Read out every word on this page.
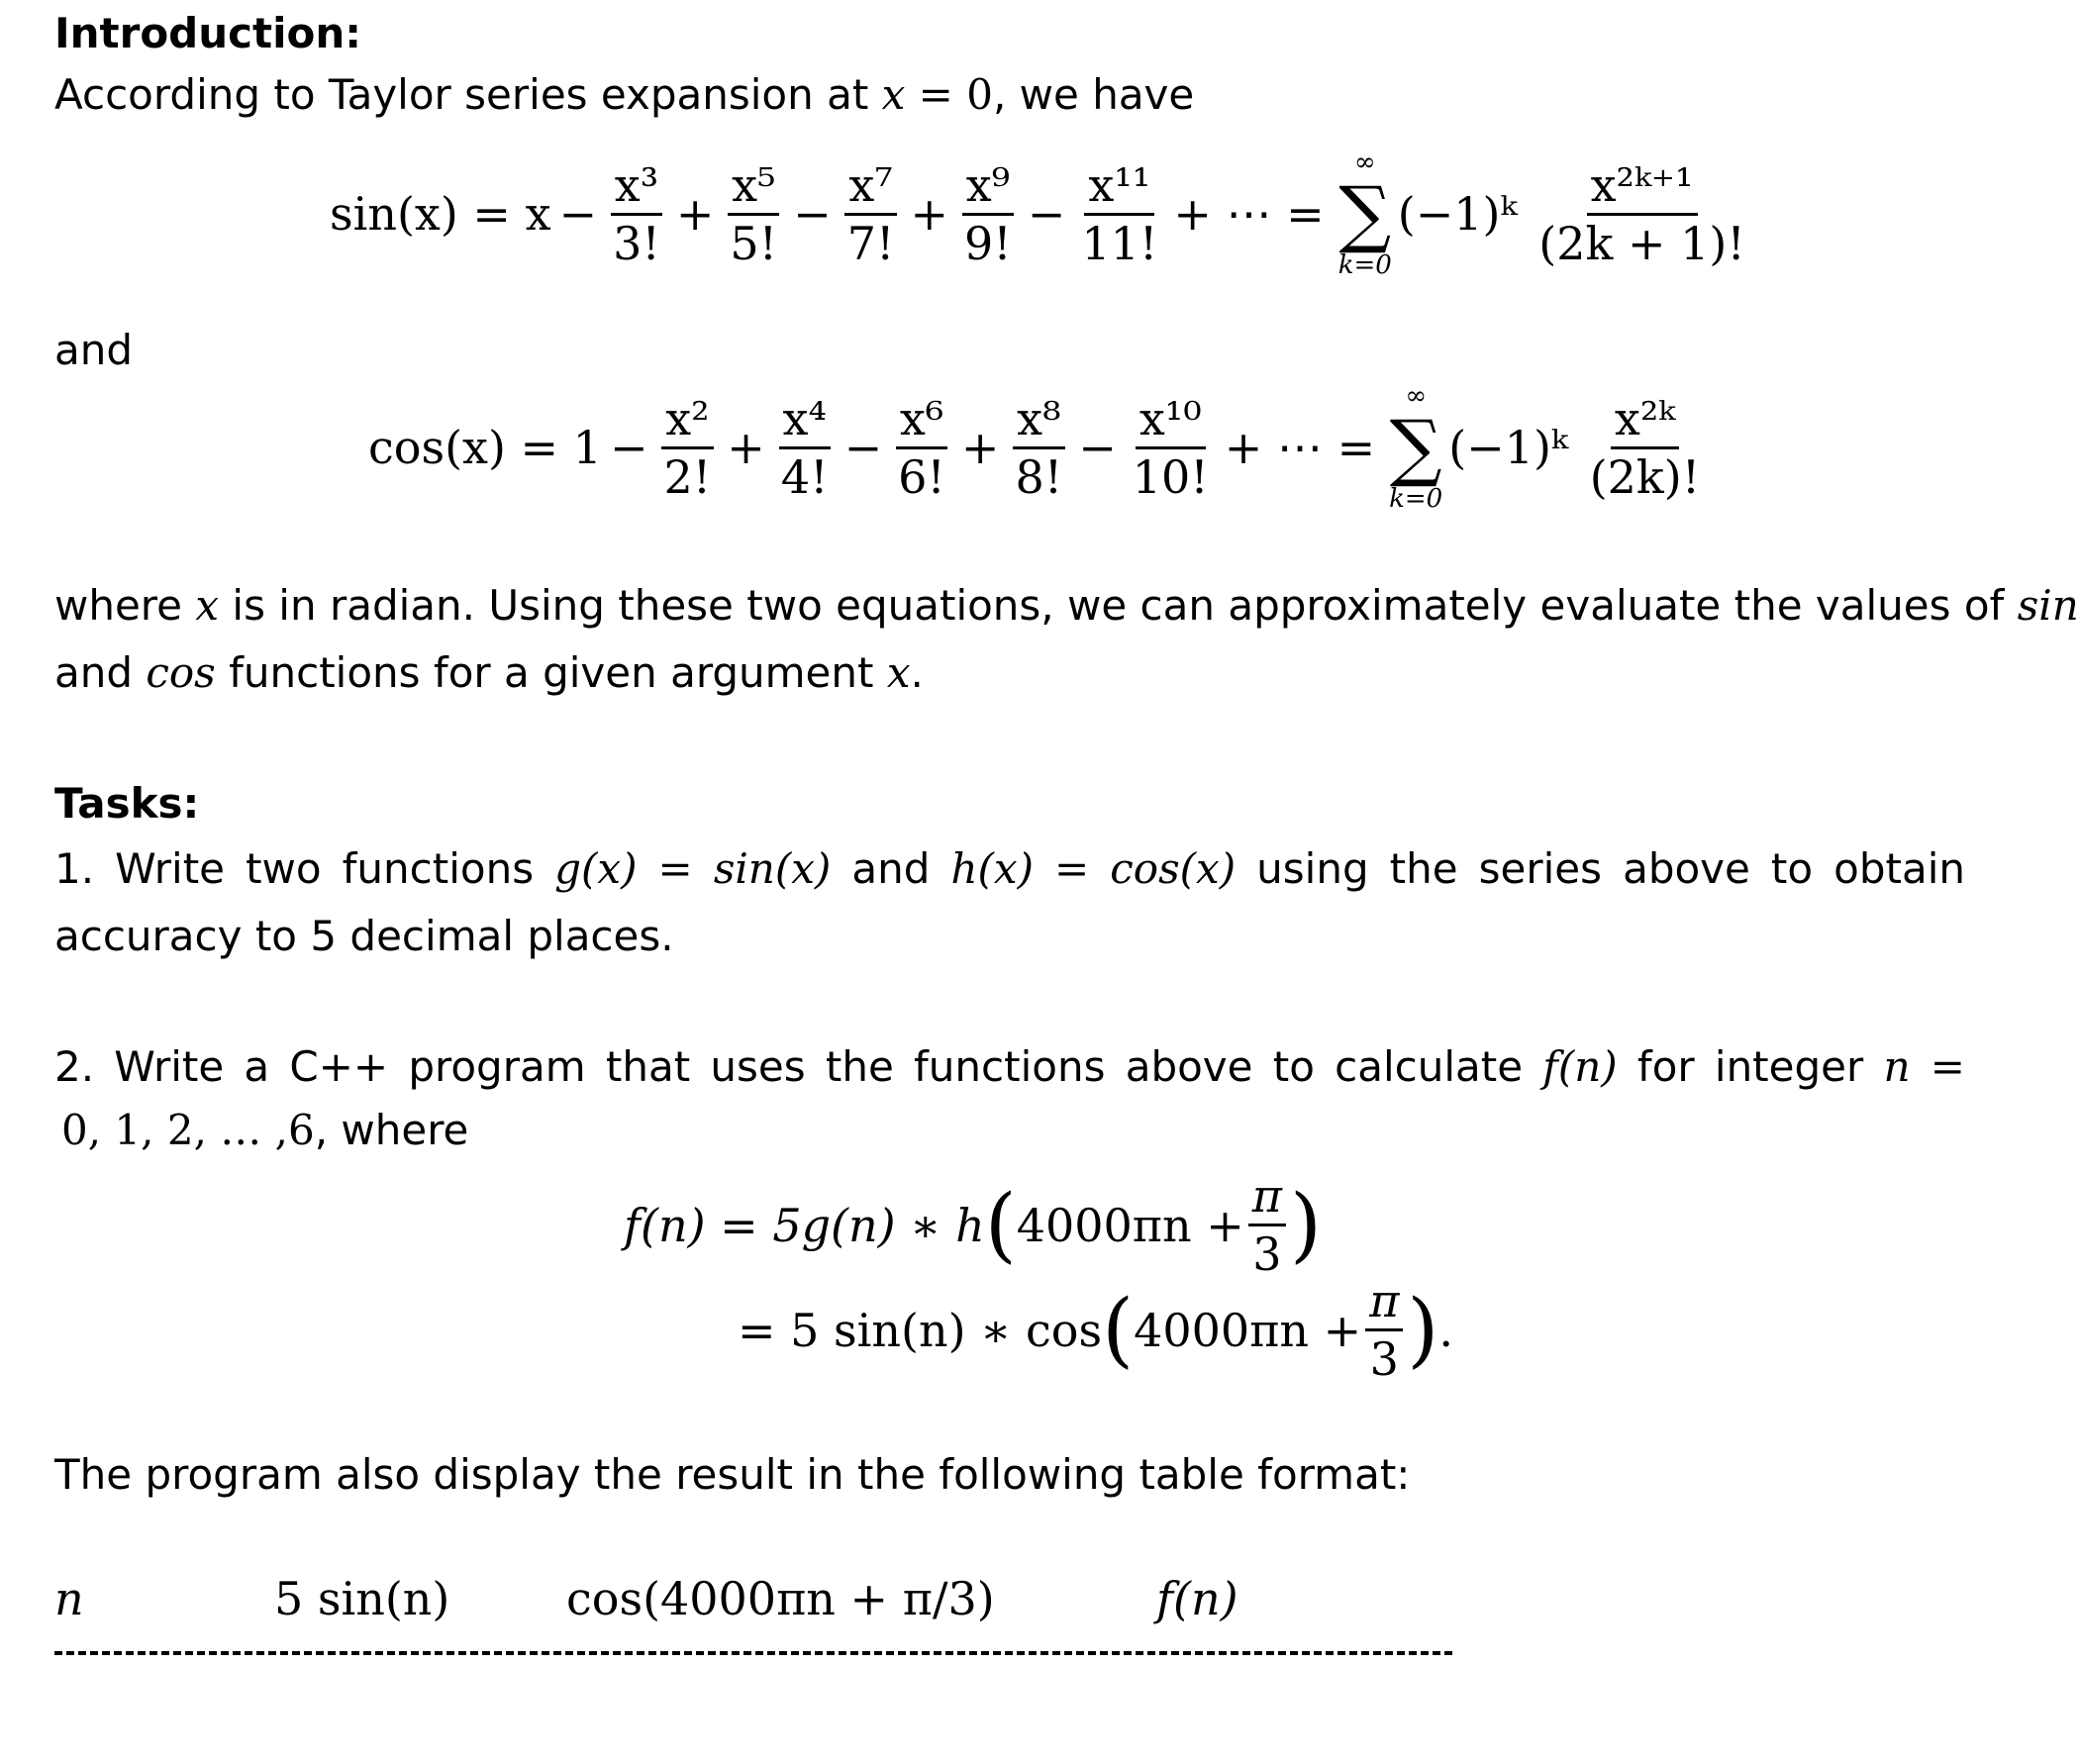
Introduction:
According to Taylor series expansion at x = 0, we have
$\sin(x) = x - \frac{\text{x³}}{3!} + \frac{\text{x⁵}}{5!} - \frac{\text{x⁷}}{7!} + \frac{\text{x⁹}}{9!} - \frac{\text{x¹¹}}{11!}$ + ⋯ =
∞
∑
k=0
(−1)ᵏ $\frac{\text{x²ᵏ⁺¹}}{(2k + 1)!}$
and
$\cos(x) = 1 - \frac{\text{x²}}{2!} + \frac{\text{x⁴}}{4!} - \frac{\text{x⁶}}{6!} + \frac{\text{x⁸}}{8!} - \frac{\text{x¹⁰}}{10!}$ + ⋯ =
∞
∑
k=0
(−1)ᵏ $\frac{\text{x²ᵏ}}{(2k)!}$
where x is in radian. Using these two equations, we can approximately evaluate the values of sin
and cos functions for a given argument x.
Tasks:
1. Write two functions g(x) = sin(x) and h(x) = cos(x) using the series above to obtain
accuracy to 5 decimal places.
2. Write a C++ program that uses the functions above to calculate f(n) for integer n =
0, 1, 2, … ,6, where
f(n) = 5g(n) ∗ h ( $4000\pi n + \frac{\pi}{3}$ )
= 5 sin(n) ∗ cos ( $4000\pi n + \frac{\pi}{3}$ ) .
The program also display the result in the following table format:
n	5 sin(n)	cos(4000πn + π/3)	f(n)
